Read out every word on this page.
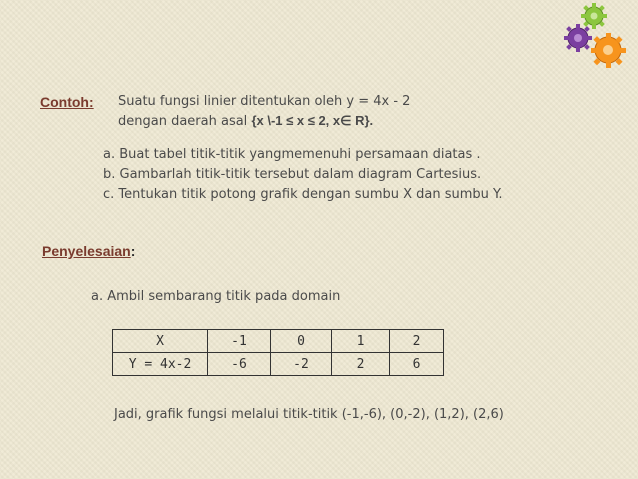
Contoh: Suatu fungsi linier ditentukan oleh y = 4x - 2
dengan daerah asal {x \-1 ≤ x ≤ 2, x∈ R}.
a. Buat tabel titik-titik yangmemenuhi persamaan diatas .
b. Gambarlah titik-titik tersebut dalam diagram Cartesius.
c. Tentukan titik potong grafik dengan sumbu X dan sumbu Y.
Penyelesaian:
a. Ambil sembarang titik pada domain
X	-1	0	1	2
Y = 4x-2	-6	-2	2	6
Jadi, grafik fungsi melalui titik-titik (-1,-6), (0,-2), (1,2), (2,6)
